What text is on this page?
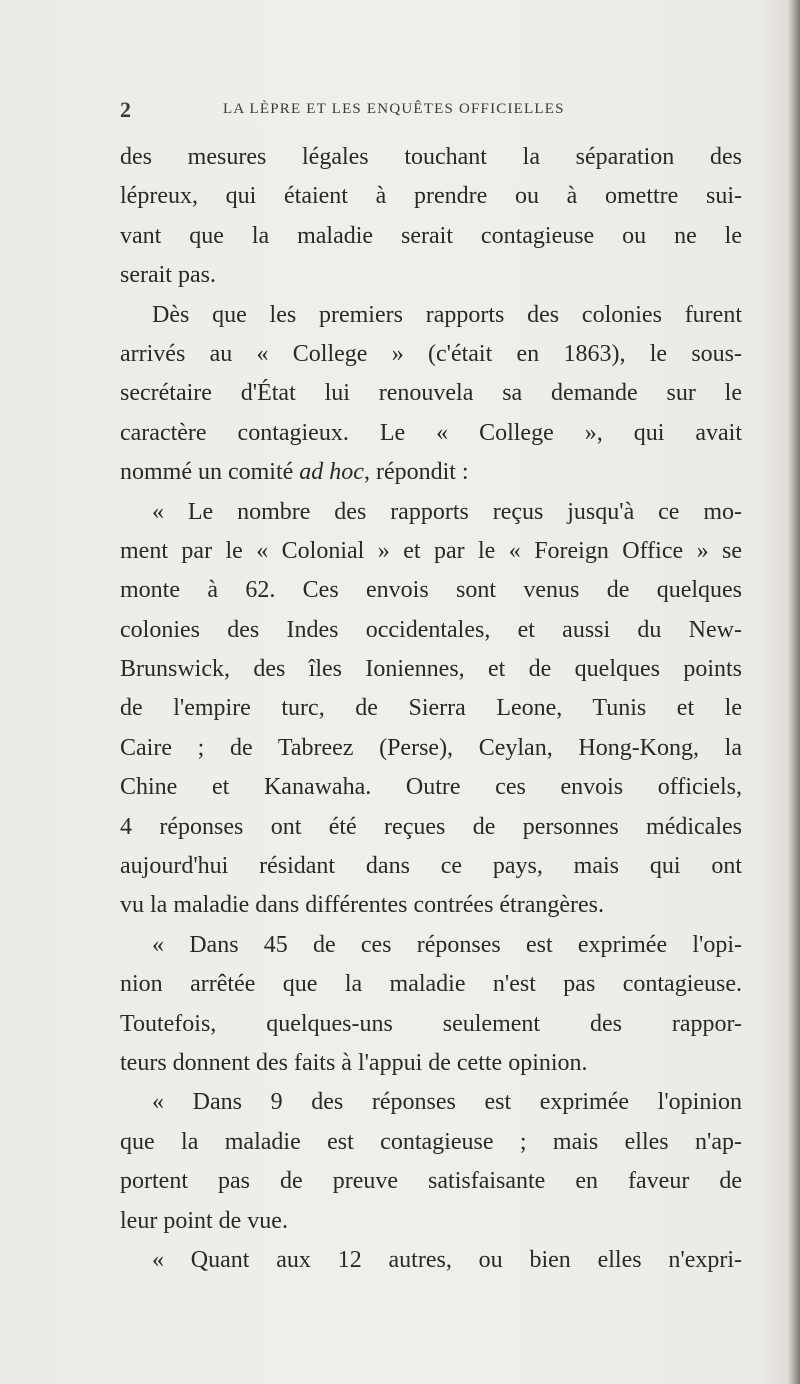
2	LA LÈPRE ET LES ENQUÊTES OFFICIELLES
des mesures légales touchant la séparation des
lépreux, qui étaient à prendre ou à omettre sui-
vant que la maladie serait contagieuse ou ne le
serait pas.
Dès que les premiers rapports des colonies furent
arrivés au « College » (c'était en 1863), le sous-
secrétaire d'État lui renouvela sa demande sur le
caractère contagieux. Le « College », qui avait
nommé un comité ad hoc, répondit :
« Le nombre des rapports reçus jusqu'à ce mo-
ment par le « Colonial » et par le « Foreign Office » se
monte à 62. Ces envois sont venus de quelques
colonies des Indes occidentales, et aussi du New-
Brunswick, des îles Ioniennes, et de quelques points
de l'empire turc, de Sierra Leone, Tunis et le
Caire ; de Tabreez (Perse), Ceylan, Hong-Kong, la
Chine et Kanawaha. Outre ces envois officiels,
4 réponses ont été reçues de personnes médicales
aujourd'hui résidant dans ce pays, mais qui ont
vu la maladie dans différentes contrées étrangères.
« Dans 45 de ces réponses est exprimée l'opi-
nion arrêtée que la maladie n'est pas contagieuse.
Toutefois, quelques-uns seulement des rappor-
teurs donnent des faits à l'appui de cette opinion.
« Dans 9 des réponses est exprimée l'opinion
que la maladie est contagieuse ; mais elles n'ap-
portent pas de preuve satisfaisante en faveur de
leur point de vue.
« Quant aux 12 autres, ou bien elles n'expri-
